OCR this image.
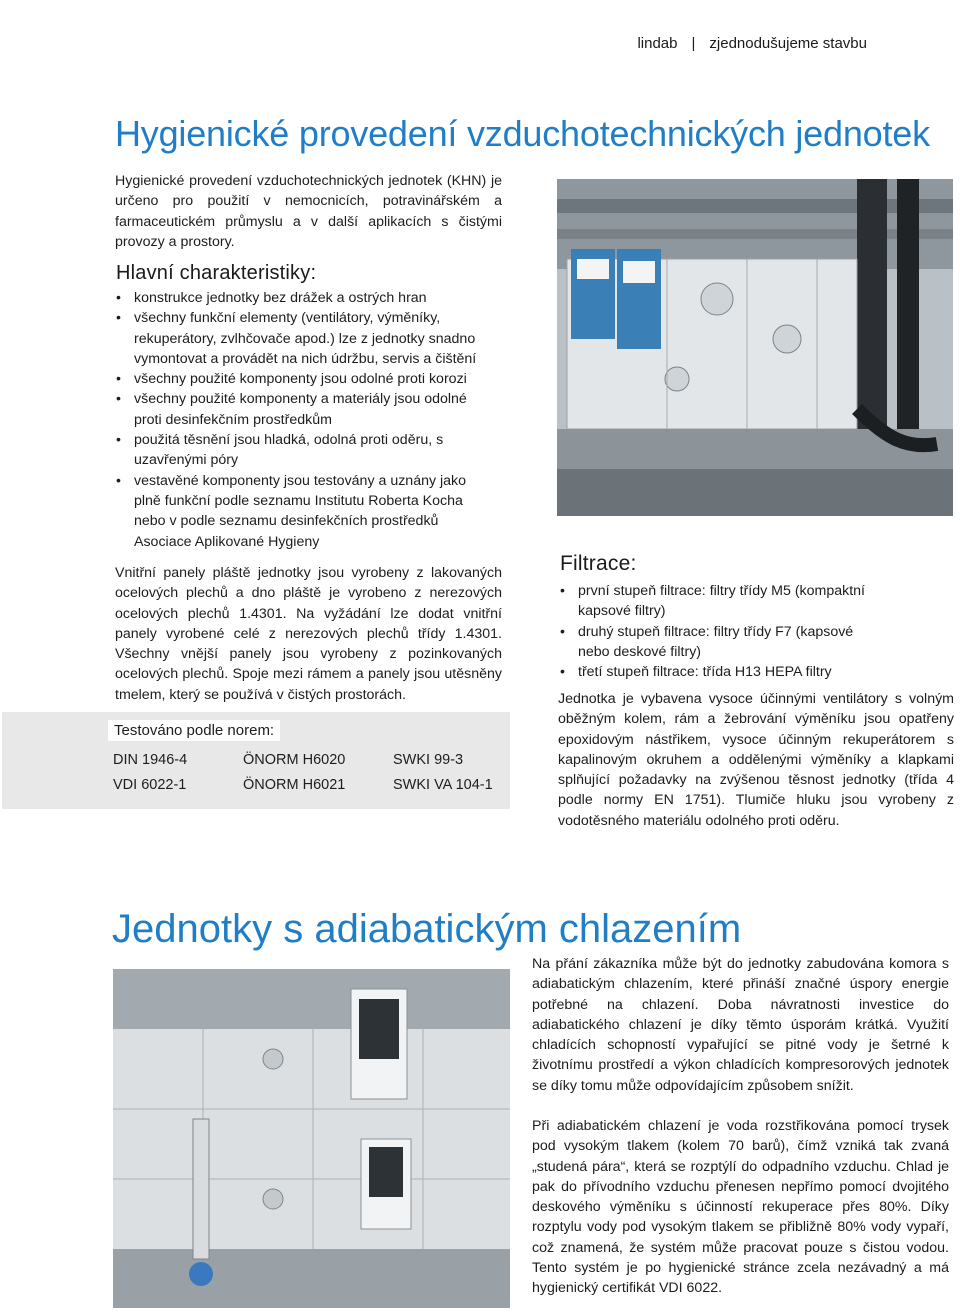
lindab | zjednodušujeme stavbu
Hygienické provedení vzduchotechnických jednotek

Hygienické provedení vzduchotechnických jednotek (KHN) je určeno pro použití v nemocnicích, potravinářském a farmaceutickém průmyslu a v další aplikacích s čistými provozy a prostory.

Hlavní charakteristiky:
• konstrukce jednotky bez drážek a ostrých hran
• všechny funkční elementy (ventilátory, výměníky, rekuperátory, zvlhčovače apod.) lze z jednotky snadno vymontovat a provádět na nich údržbu, servis a čištění
• všechny použité komponenty jsou odolné proti korozi
• všechny použité komponenty a materiály jsou odolné proti desinfekčním prostředkům
• použitá těsnění jsou hladká, odolná proti oděru, s uzavřenými póry
• vestavěné komponenty jsou testovány a uznány jako plně funkční podle seznamu Institutu Roberta Kocha nebo v podle seznamu desinfekčních prostředků Asociace Aplikované Hygieny

Vnitřní panely pláště jednotky jsou vyrobeny z lakovaných ocelových plechů a dno pláště je vyrobeno z nerezových ocelových plechů 1.4301. Na vyžádání lze dodat vnitřní panely vyrobené celé z nerezových plechů třídy 1.4301. Všechny vnější panely jsou vyrobeny z pozinkovaných ocelových plechů. Spoje mezi rámem a panely jsou utěsněny tmelem, který se používá v čistých prostorách.

Testováno podle norem:
DIN 1946-4	ÖNORM H6020	SWKI 99-3
VDI 6022-1	ÖNORM H6021	SWKI VA 104-1
Filtrace:
• první stupeň filtrace: filtry třídy M5 (kompaktní kapsové filtry)
• druhý stupeň filtrace: filtry třídy F7 (kapsové nebo deskové filtry)
• třetí stupeň filtrace: třída H13 HEPA filtry

Jednotka je vybavena vysoce účinnými ventilátory s volným oběžným kolem, rám a žebrování výměníku jsou opatřeny epoxidovým nástřikem, vysoce účinným rekuperátorem s kapalinovým okruhem a oddělenými výměníky a klapkami splňující požadavky na zvýšenou těsnost jednotky (třída 4 podle normy EN 1751). Tlumiče hluku jsou vyrobeny z vodotěsného materiálu odolného proti oděru.

Jednotky s adiabatickým chlazením

Na přání zákazníka může být do jednotky zabudována komora s adiabatickým chlazením, které přináší značné úspory energie potřebné na chlazení. Doba návratnosti investice do adiabatického chlazení je díky těmto úsporám krátká. Využití chladících schopností vypařující se pitné vody je šetrné k životnímu prostředí a výkon chladících kompresorových jednotek se díky tomu může odpovídajícím způsobem snížit.

Při adiabatickém chlazení je voda rozstřikována pomocí trysek pod vysokým tlakem (kolem 70 barů), čímž vzniká tak zvaná „studená pára“, která se rozptýlí do odpadního vzduchu. Chlad je pak do přívodního vzduchu přenesen nepřímo pomocí dvojitého deskového výměníku s účinností rekuperace přes 80%. Díky rozptylu vody pod vysokým tlakem se přibližně 80% vody vypaří, což znamená, že systém může pracovat pouze s čistou vodou. Tento systém je po hygienické stránce zcela nezávadný a má hygienický certifikát VDI 6022.
